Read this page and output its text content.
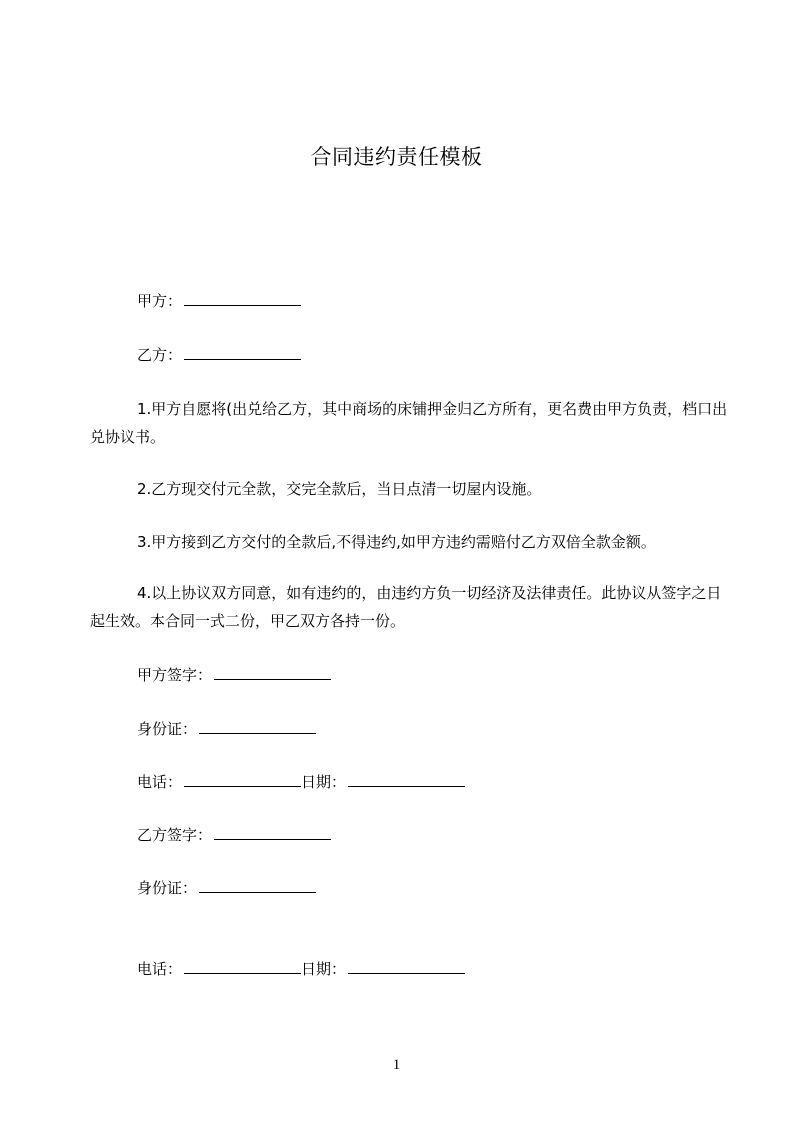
合同违约责任模板
甲方：
乙方：
1.甲方自愿将(出兑给乙方，其中商场的床铺押金归乙方所有，更名费由甲方负责，档口出兑协议书。
2.乙方现交付元全款，交完全款后，当日点清一切屋内设施。
3.甲方接到乙方交付的全款后,不得违约,如甲方违约需赔付乙方双倍全款金额。
4.以上协议双方同意，如有违约的，由违约方负一切经济及法律责任。此协议从签字之日起生效。本合同一式二份，甲乙双方各持一份。
甲方签字：
身份证：
电话：	日期：
乙方签字：
身份证：
电话：	日期：
1
